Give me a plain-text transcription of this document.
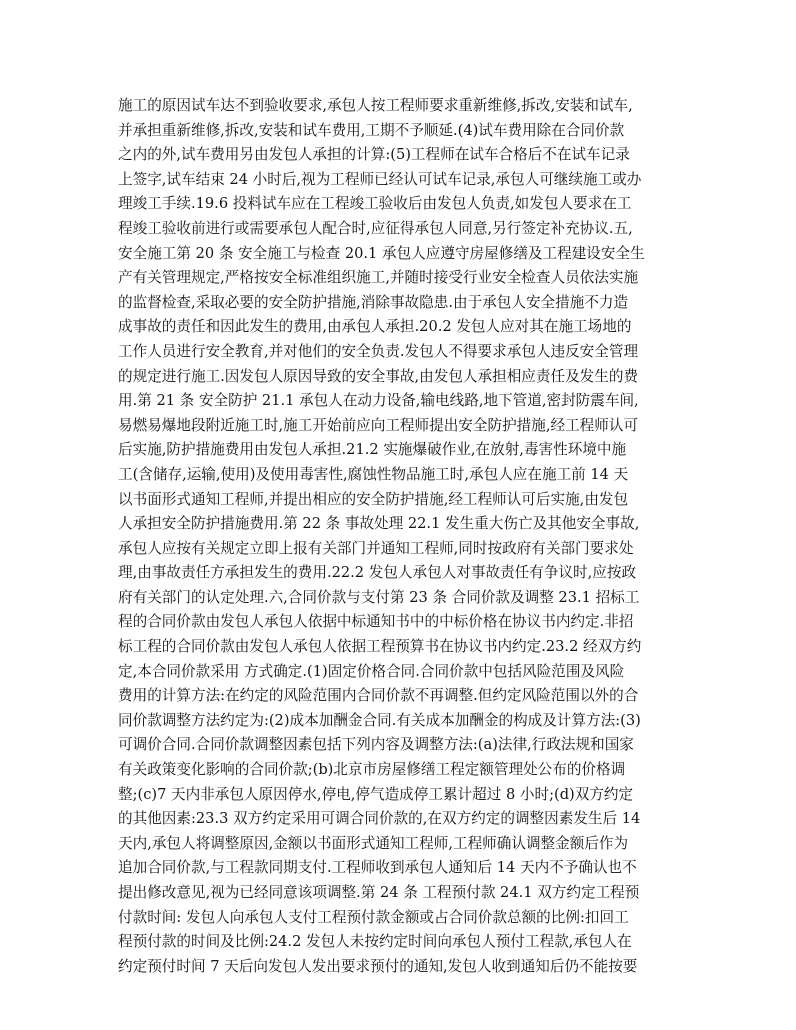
施工的原因试车达不到验收要求,承包人按工程师要求重新维修,拆改,安装和试车,
并承担重新维修,拆改,安装和试车费用,工期不予顺延.(4)试车费用除在合同价款
之内的外,试车费用另由发包人承担的计算:(5)工程师在试车合格后不在试车记录
上签字,试车结束 24 小时后,视为工程师已经认可试车记录,承包人可继续施工或办
理竣工手续.19.6 投料试车应在工程竣工验收后由发包人负责,如发包人要求在工
程竣工验收前进行或需要承包人配合时,应征得承包人同意,另行签定补充协议.五,
安全施工第 20 条 安全施工与检查 20.1 承包人应遵守房屋修缮及工程建设安全生
产有关管理规定,严格按安全标准组织施工,并随时接受行业安全检查人员依法实施
的监督检查,采取必要的安全防护措施,消除事故隐患.由于承包人安全措施不力造
成事故的责任和因此发生的费用,由承包人承担.20.2 发包人应对其在施工场地的
工作人员进行安全教育,并对他们的安全负责.发包人不得要求承包人违反安全管理
的规定进行施工.因发包人原因导致的安全事故,由发包人承担相应责任及发生的费
用.第 21 条 安全防护 21.1 承包人在动力设备,输电线路,地下管道,密封防震车间,
易燃易爆地段附近施工时,施工开始前应向工程师提出安全防护措施,经工程师认可
后实施,防护措施费用由发包人承担.21.2 实施爆破作业,在放射,毒害性环境中施
工(含储存,运输,使用)及使用毒害性,腐蚀性物品施工时,承包人应在施工前 14 天
以书面形式通知工程师,并提出相应的安全防护措施,经工程师认可后实施,由发包
人承担安全防护措施费用.第 22 条 事故处理 22.1 发生重大伤亡及其他安全事故,
承包人应按有关规定立即上报有关部门并通知工程师,同时按政府有关部门要求处
理,由事故责任方承担发生的费用.22.2 发包人承包人对事故责任有争议时,应按政
府有关部门的认定处理.六,合同价款与支付第 23 条 合同价款及调整 23.1 招标工
程的合同价款由发包人承包人依据中标通知书中的中标价格在协议书内约定.非招
标工程的合同价款由发包人承包人依据工程预算书在协议书内约定.23.2 经双方约
定,本合同价款采用 方式确定.(1)固定价格合同.合同价款中包括风险范围及风险
费用的计算方法:在约定的风险范围内合同价款不再调整.但约定风险范围以外的合
同价款调整方法约定为:(2)成本加酬金合同.有关成本加酬金的构成及计算方法:(3)
可调价合同.合同价款调整因素包括下列内容及调整方法:(a)法律,行政法规和国家
有关政策变化影响的合同价款;(b)北京市房屋修缮工程定额管理处公布的价格调
整;(c)7 天内非承包人原因停水,停电,停气造成停工累计超过 8 小时;(d)双方约定
的其他因素:23.3 双方约定采用可调合同价款的,在双方约定的调整因素发生后 14
天内,承包人将调整原因,金额以书面形式通知工程师,工程师确认调整金额后作为
追加合同价款,与工程款同期支付.工程师收到承包人通知后 14 天内不予确认也不
提出修改意见,视为已经同意该项调整.第 24 条 工程预付款 24.1 双方约定工程预
付款时间: 发包人向承包人支付工程预付款金额或占合同价款总额的比例:扣回工
程预付款的时间及比例:24.2 发包人未按约定时间向承包人预付工程款,承包人在
约定预付时间 7 天后向发包人发出要求预付的通知,发包人收到通知后仍不能按要
